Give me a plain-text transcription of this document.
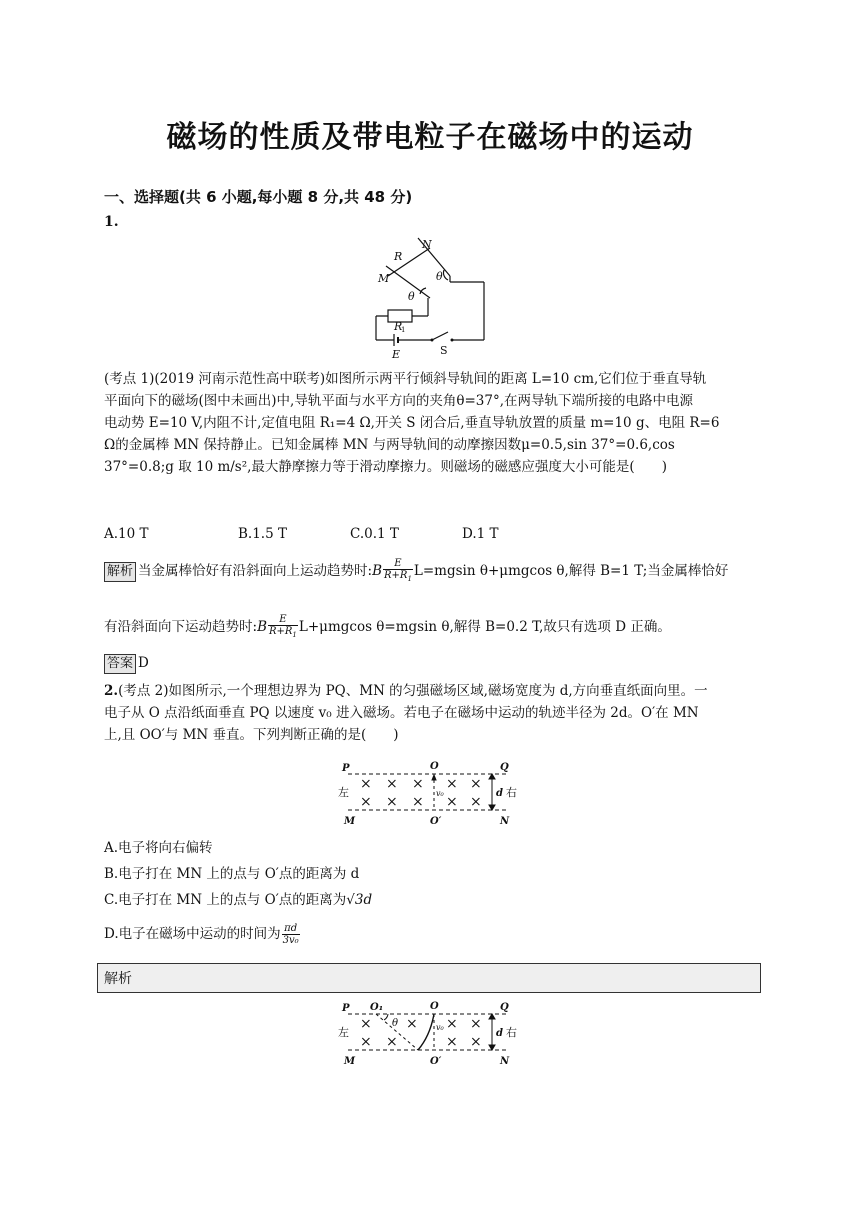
磁场的性质及带电粒子在磁场中的运动
一、选择题(共 6 小题,每小题 8 分,共 48 分)
1.
N
R
M
θ
θ
R
1
E	S
(考点 1)(2019 河南示范性高中联考)如图所示两平行倾斜导轨间的距离 L=10 cm,它们位于垂直导轨
平面向下的磁场(图中未画出)中,导轨平面与水平方向的夹角θ=37°,在两导轨下端所接的电路中电源
电动势 E=10 V,内阻不计,定值电阻 R₁=4 Ω,开关 S 闭合后,垂直导轨放置的质量 m=10 g、电阻 R=6
Ω的金属棒 MN 保持静止。已知金属棒 MN 与两导轨间的动摩擦因数μ=0.5,sin 37°=0.6,cos
37°=0.8;g 取 10 m/s²,最大静摩擦力等于滑动摩擦力。则磁场的磁感应强度大小可能是(　　)
A.10 T	B.1.5 T	C.0.1 T	D.1 T
解析 当金属棒恰好有沿斜面向上运动趋势时:B $\frac{E}{R+R_1} L=mgsin$ θ+μmgcos θ,解得 B=1 T;当金属棒恰好
有沿斜面向下运动趋势时:B $\frac{E}{R+R_1} L+\mu mgcos$ θ=mgsin θ,解得 B=0.2 T,故只有选项 D 正确。
答案 D
2.(考点 2)如图所示,一个理想边界为 PQ、MN 的匀强磁场区域,磁场宽度为 d,方向垂直纸面向里。一
电子从 O 点沿纸面垂直 PQ 以速度 v₀ 进入磁场。若电子在磁场中运动的轨迹半径为 2d。O′在 MN
上,且 OO′与 MN 垂直。下列判断正确的是(　　)
× × × × ×
× × × × ×
P	O	Q
M	O′	N
d
v₀
左	右
A.电子将向右偏转
B.电子打在 MN 上的点与 O′点的距离为 d
C.电子打在 MN 上的点与 O′点的距离为√3d
D.电子在磁场中运动的时间为 $\frac{\pi d}{\text{3v₀}}$
解析
× × × ×
× ×	× ×
P O₁	O	Q
M	O′	N
d
θ	v₀
左	右
